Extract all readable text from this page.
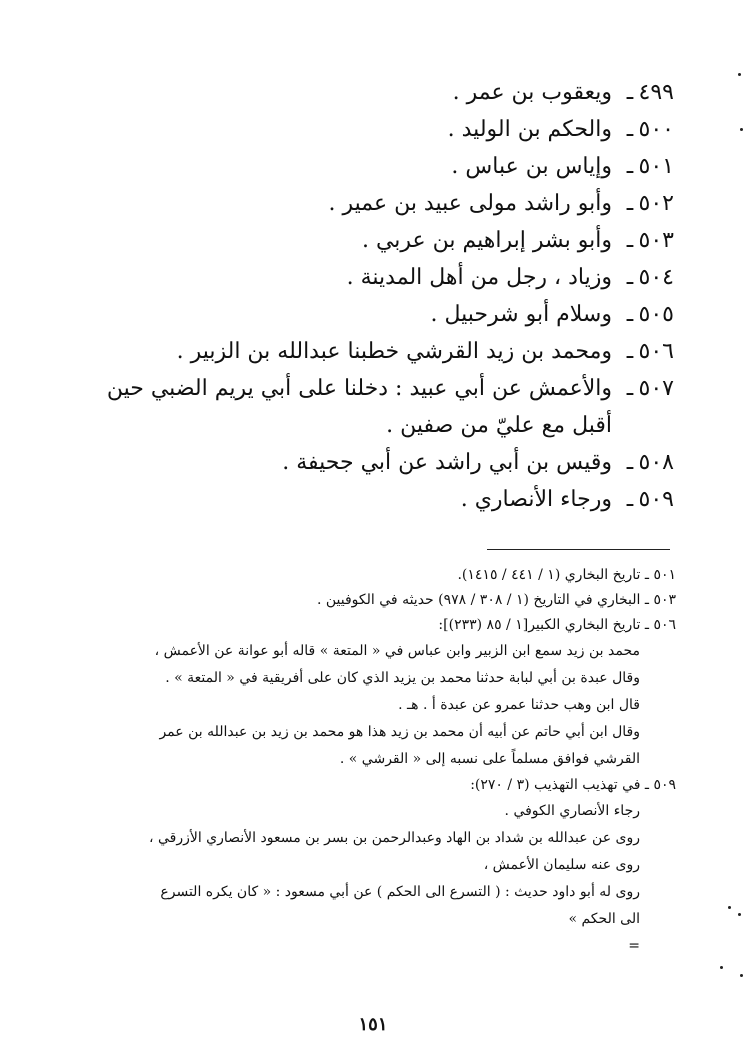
٤٩٩
ـ
ويعقوب بن عمر .
٥٠٠
ـ
والحكم بن الوليد .
٥٠١
ـ
وإياس بن عباس .
٥٠٢
ـ
وأبو راشد مولى عبيد بن عمير .
٥٠٣
ـ
وأبو بشر إبراهيم بن عربي .
٥٠٤
ـ
وزياد ، رجل من أهل المدينة .
٥٠٥
ـ
وسلام أبو شرحبيل .
٥٠٦
ـ
ومحمد بن زيد القرشي خطبنا عبدالله بن الزبير .
٥٠٧
ـ
والأعمش عن أبي عبيد : دخلنا على أبي يريم الضبي حين
أقبل مع عليّ من صفين .
٥٠٨
ـ
وقيس بن أبي راشد عن أبي جحيفة .
٥٠٩
ـ
ورجاء الأنصاري .
٥٠١ ـ تاريخ البخاري (١ / ٤٤١ / ١٤١٥).
٥٠٣ ـ البخاري في التاريخ (١ / ٣٠٨ / ٩٧٨) حديثه في الكوفيين .
٥٠٦ ـ تاريخ البخاري الكبير[١ / ٨٥ (٢٣٣)]:
محمد بن زيد سمع ابن الزبير وابن عباس في « المتعة » قاله أبو عوانة عن الأعمش ،
وقال عبدة بن أبي لبابة حدثنا محمد بن يزيد الذي كان على أفريقية في « المتعة » .
قال ابن وهب حدثنا عمرو عن عبدة أ . هـ .
وقال ابن أبي حاتم عن أبيه أن محمد بن زيد هذا هو محمد بن زيد بن عبدالله بن عمر
القرشي فوافق مسلماً على نسبه إلى « القرشي » .
٥٠٩ ـ في تهذيب التهذيب (٣ / ٢٧٠):
رجاء الأنصاري الكوفي .
روى عن عبدالله بن شداد بن الهاد وعبدالرحمن بن بسر بن مسعود الأنصاري الأزرقي ،
روى عنه سليمان الأعمش ،
روى له أبو داود حديث : ( التسرع الى الحكم ) عن أبي مسعود : « كان يكره التسرع
الى الحكم »
=
١٥١
